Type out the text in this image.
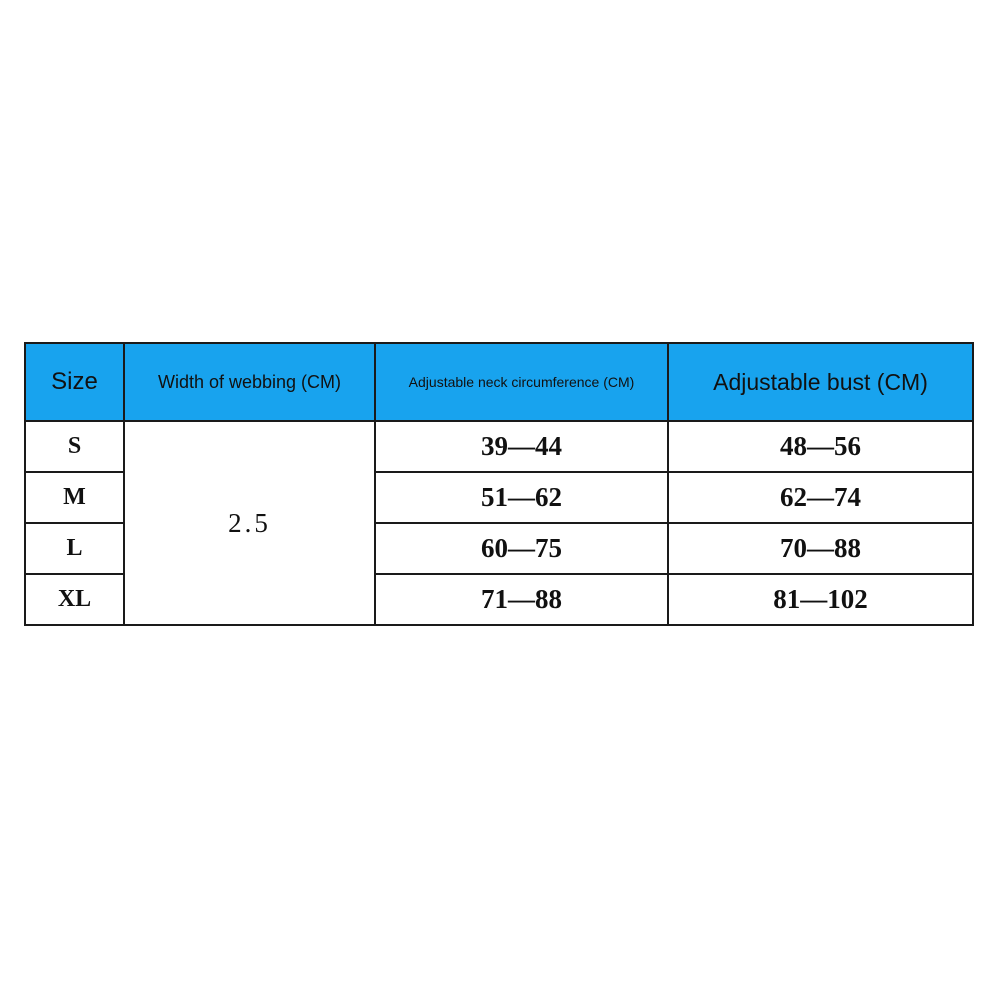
Size	Width of webbing (CM)	Adjustable neck circumference (CM)	Adjustable bust (CM)
S	2.5	39—44	48—56
M		51—62	62—74
L		60—75	70—88
XL		71—88	81—102
